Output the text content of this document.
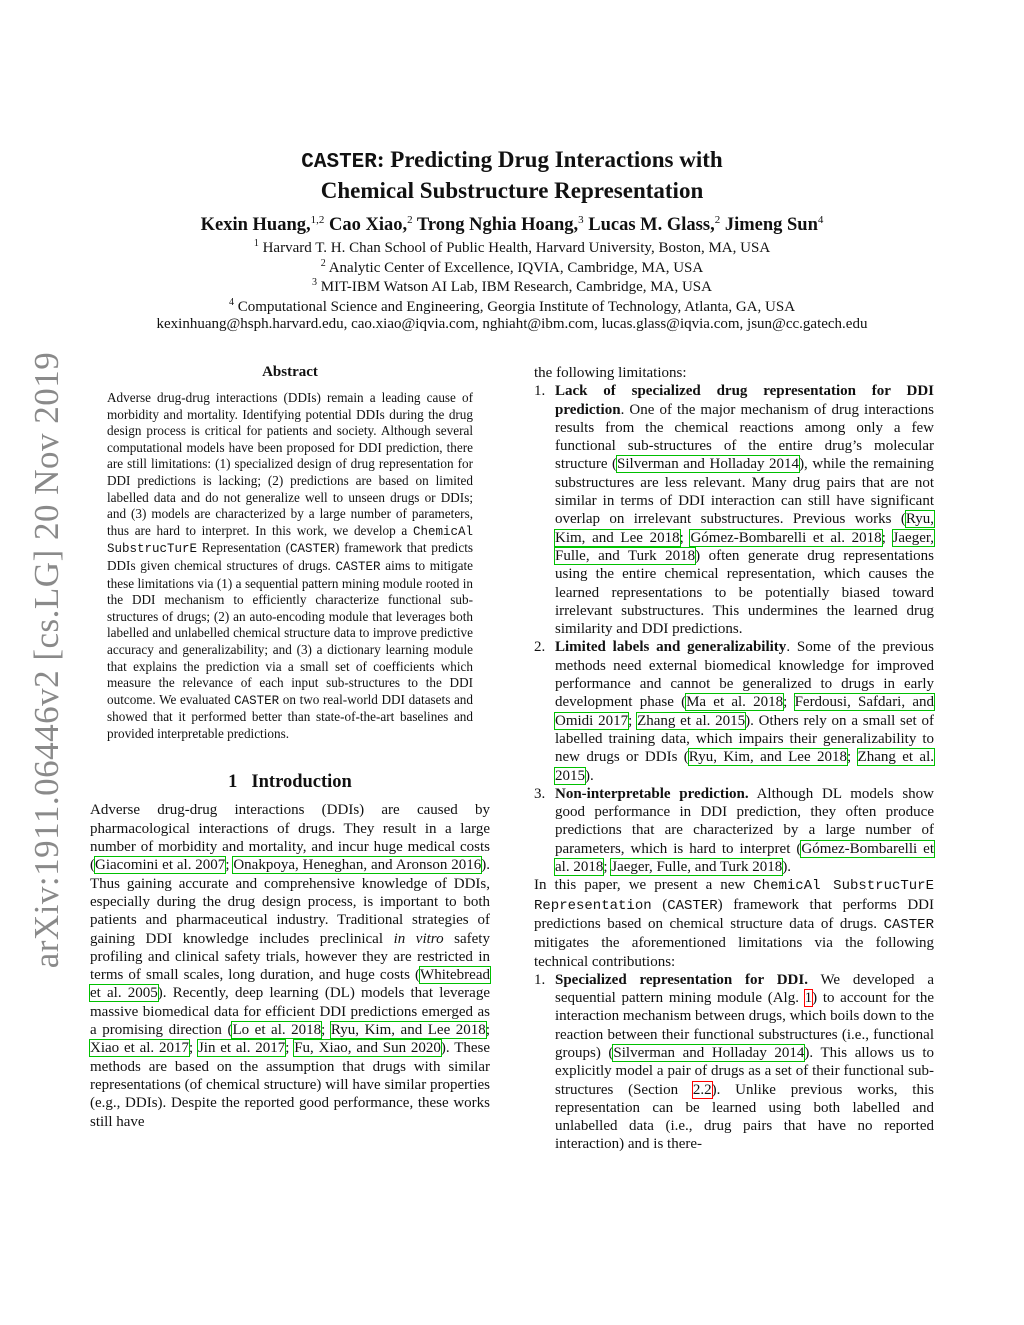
arXiv:1911.06446v2 [cs.LG] 20 Nov 2019
CASTER: Predicting Drug Interactions with
Chemical Substructure Representation
Kexin Huang,$^{1,2}$ Cao Xiao,$^2$ Trong Nghia Hoang,$^3$ Lucas M. Glass,$^2$ Jimeng Sun$^4$
$^1$ Harvard T. H. Chan School of Public Health, Harvard University, Boston, MA, USA
$^2$ Analytic Center of Excellence, IQVIA, Cambridge, MA, USA
$^3$ MIT-IBM Watson AI Lab, IBM Research, Cambridge, MA, USA
$^4$ Computational Science and Engineering, Georgia Institute of Technology, Atlanta, GA, USA
kexinhuang@hsph.harvard.edu, cao.xiao@iqvia.com, nghiaht@ibm.com, lucas.glass@iqvia.com, jsun@cc.gatech.edu
Abstract
Adverse drug-drug interactions (DDIs) remain a leading cause of morbidity and mortality. Identifying potential DDIs during the drug design process is critical for patients and society. Although several computational models have been proposed for DDI prediction, there are still limitations: (1) specialized design of drug representation for DDI predictions is lacking; (2) predictions are based on limited labelled data and do not generalize well to unseen drugs or DDIs; and (3) models are characterized by a large number of parameters, thus are hard to interpret. In this work, we develop a ChemicAl SubstrucTurE Representation (CASTER) framework that predicts DDIs given chemical structures of drugs. CASTER aims to mitigate these limitations via (1) a sequential pattern mining module rooted in the DDI mechanism to efficiently characterize functional sub-structures of drugs; (2) an auto-encoding module that leverages both labelled and unlabelled chemical structure data to improve predictive accuracy and generalizability; and (3) a dictionary learning module that explains the prediction via a small set of coefficients which measure the relevance of each input sub-structures to the DDI outcome. We evaluated CASTER on two real-world DDI datasets and showed that it performed better than state-of-the-art baselines and provided interpretable predictions.
1 Introduction

Adverse drug-drug interactions (DDIs) are caused by pharmacological interactions of drugs. They result in a large number of morbidity and mortality, and incur huge medical costs (Giacomini et al. 2007; Onakpoya, Heneghan, and Aronson 2016). Thus gaining accurate and comprehensive knowledge of DDIs, especially during the drug design process, is important to both patients and pharmaceutical industry. Traditional strategies of gaining DDI knowledge includes preclinical in vitro safety profiling and clinical safety trials, however they are restricted in terms of small scales, long duration, and huge costs (Whitebread et al. 2005). Recently, deep learning (DL) models that leverage massive biomedical data for efficient DDI predictions emerged as a promising direction (Lo et al. 2018; Ryu, Kim, and Lee 2018; Xiao et al. 2017; Jin et al. 2017; Fu, Xiao, and Sun 2020). These methods are based on the assumption that drugs with similar representations (of chemical structure) will have similar properties (e.g., DDIs). Despite the reported good performance, these works still have

the following limitations:

1. Lack of specialized drug representation for DDI prediction. One of the major mechanism of drug interactions results from the chemical reactions among only a few functional sub-structures of the entire drug’s molecular structure (Silverman and Holladay 2014), while the remaining substructures are less relevant. Many drug pairs that are not similar in terms of DDI interaction can still have significant overlap on irrelevant substructures. Previous works (Ryu, Kim, and Lee 2018; Gómez-Bombarelli et al. 2018; Jaeger, Fulle, and Turk 2018) often generate drug representations using the entire chemical representation, which causes the learned representations to be potentially biased toward irrelevant substructures. This undermines the learned drug similarity and DDI predictions.
2. Limited labels and generalizability. Some of the previous methods need external biomedical knowledge for improved performance and cannot be generalized to drugs in early development phase (Ma et al. 2018; Ferdousi, Safdari, and Omidi 2017; Zhang et al. 2015). Others rely on a small set of labelled training data, which impairs their generalizability to new drugs or DDIs (Ryu, Kim, and Lee 2018; Zhang et al. 2015).
3. Non-interpretable prediction. Although DL models show good performance in DDI prediction, they often produce predictions that are characterized by a large number of parameters, which is hard to interpret (Gómez-Bombarelli et al. 2018; Jaeger, Fulle, and Turk 2018).

In this paper, we present a new ChemicAl SubstrucTurE Representation (CASTER) framework that performs DDI predictions based on chemical structure data of drugs. CASTER mitigates the aforementioned limitations via the following technical contributions:

1. Specialized representation for DDI. We developed a sequential pattern mining module (Alg. 1) to account for the interaction mechanism between drugs, which boils down to the reaction between their functional substructures (i.e., functional groups) (Silverman and Holladay 2014). This allows us to explicitly model a pair of drugs as a set of their functional sub-structures (Section 2.2). Unlike previous works, this representation can be learned using both labelled and unlabelled data (i.e., drug pairs that have no reported interaction) and is there-
